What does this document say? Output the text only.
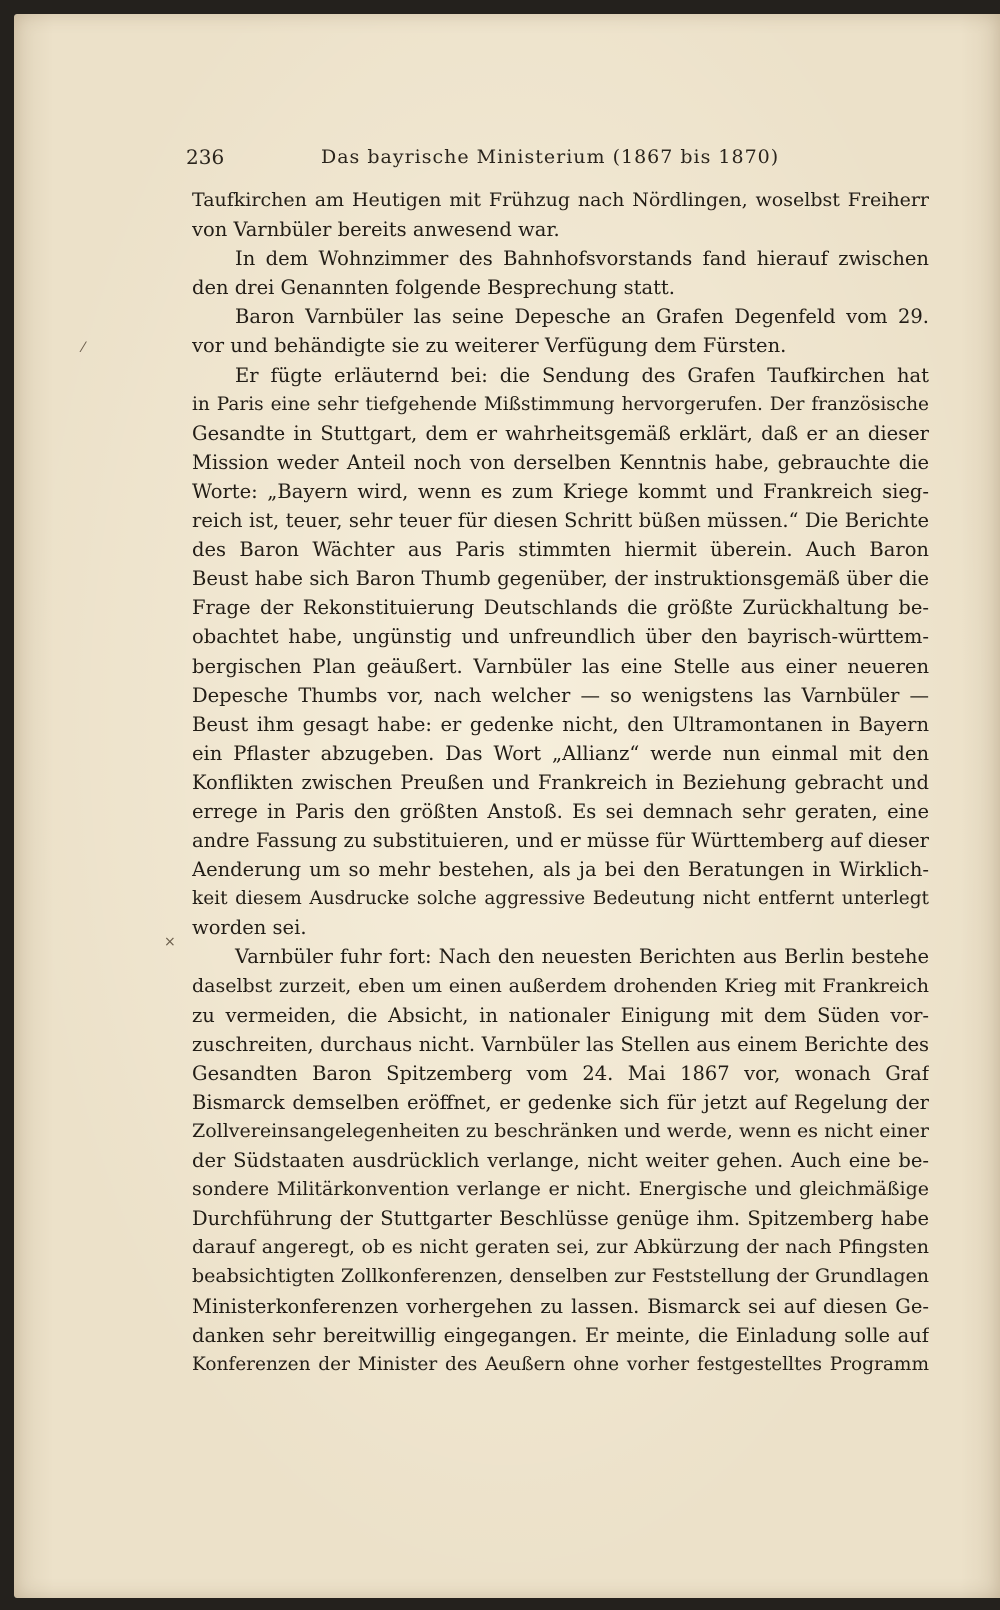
236	Das bayrische Ministerium (1867 bis 1870)
Taufkirchen am Heutigen mit Frühzug nach Nördlingen, woselbst Freiherr
von Varnbüler bereits anwesend war.
In dem Wohnzimmer des Bahnhofsvorstands fand hierauf zwischen
den drei Genannten folgende Besprechung statt.
Baron Varnbüler las seine Depesche an Grafen Degenfeld vom 29.
vor und behändigte sie zu weiterer Verfügung dem Fürsten.
Er fügte erläuternd bei: die Sendung des Grafen Taufkirchen hat
in Paris eine sehr tiefgehende Mißstimmung hervorgerufen. Der französische
Gesandte in Stuttgart, dem er wahrheitsgemäß erklärt, daß er an dieser
Mission weder Anteil noch von derselben Kenntnis habe, gebrauchte die
Worte: „Bayern wird, wenn es zum Kriege kommt und Frankreich sieg-
reich ist, teuer, sehr teuer für diesen Schritt büßen müssen.“ Die Berichte
des Baron Wächter aus Paris stimmten hiermit überein. Auch Baron
Beust habe sich Baron Thumb gegenüber, der instruktionsgemäß über die
Frage der Rekonstituierung Deutschlands die größte Zurückhaltung be-
obachtet habe, ungünstig und unfreundlich über den bayrisch-württem-
bergischen Plan geäußert. Varnbüler las eine Stelle aus einer neueren
Depesche Thumbs vor, nach welcher — so wenigstens las Varnbüler —
Beust ihm gesagt habe: er gedenke nicht, den Ultramontanen in Bayern
ein Pflaster abzugeben. Das Wort „Allianz“ werde nun einmal mit den
Konflikten zwischen Preußen und Frankreich in Beziehung gebracht und
errege in Paris den größten Anstoß. Es sei demnach sehr geraten, eine
andre Fassung zu substituieren, und er müsse für Württemberg auf dieser
Aenderung um so mehr bestehen, als ja bei den Beratungen in Wirklich-
keit diesem Ausdrucke solche aggressive Bedeutung nicht entfernt unterlegt
worden sei.
Varnbüler fuhr fort: Nach den neuesten Berichten aus Berlin bestehe
daselbst zurzeit, eben um einen außerdem drohenden Krieg mit Frankreich
zu vermeiden, die Absicht, in nationaler Einigung mit dem Süden vor-
zuschreiten, durchaus nicht. Varnbüler las Stellen aus einem Berichte des
Gesandten Baron Spitzemberg vom 24. Mai 1867 vor, wonach Graf
Bismarck demselben eröffnet, er gedenke sich für jetzt auf Regelung der
Zollvereinsangelegenheiten zu beschränken und werde, wenn es nicht einer
der Südstaaten ausdrücklich verlange, nicht weiter gehen. Auch eine be-
sondere Militärkonvention verlange er nicht. Energische und gleichmäßige
Durchführung der Stuttgarter Beschlüsse genüge ihm. Spitzemberg habe
darauf angeregt, ob es nicht geraten sei, zur Abkürzung der nach Pfingsten
beabsichtigten Zollkonferenzen, denselben zur Feststellung der Grundlagen
Ministerkonferenzen vorhergehen zu lassen. Bismarck sei auf diesen Ge-
danken sehr bereitwillig eingegangen. Er meinte, die Einladung solle auf
Konferenzen der Minister des Aeußern ohne vorher festgestelltes Programm
⁄
×
